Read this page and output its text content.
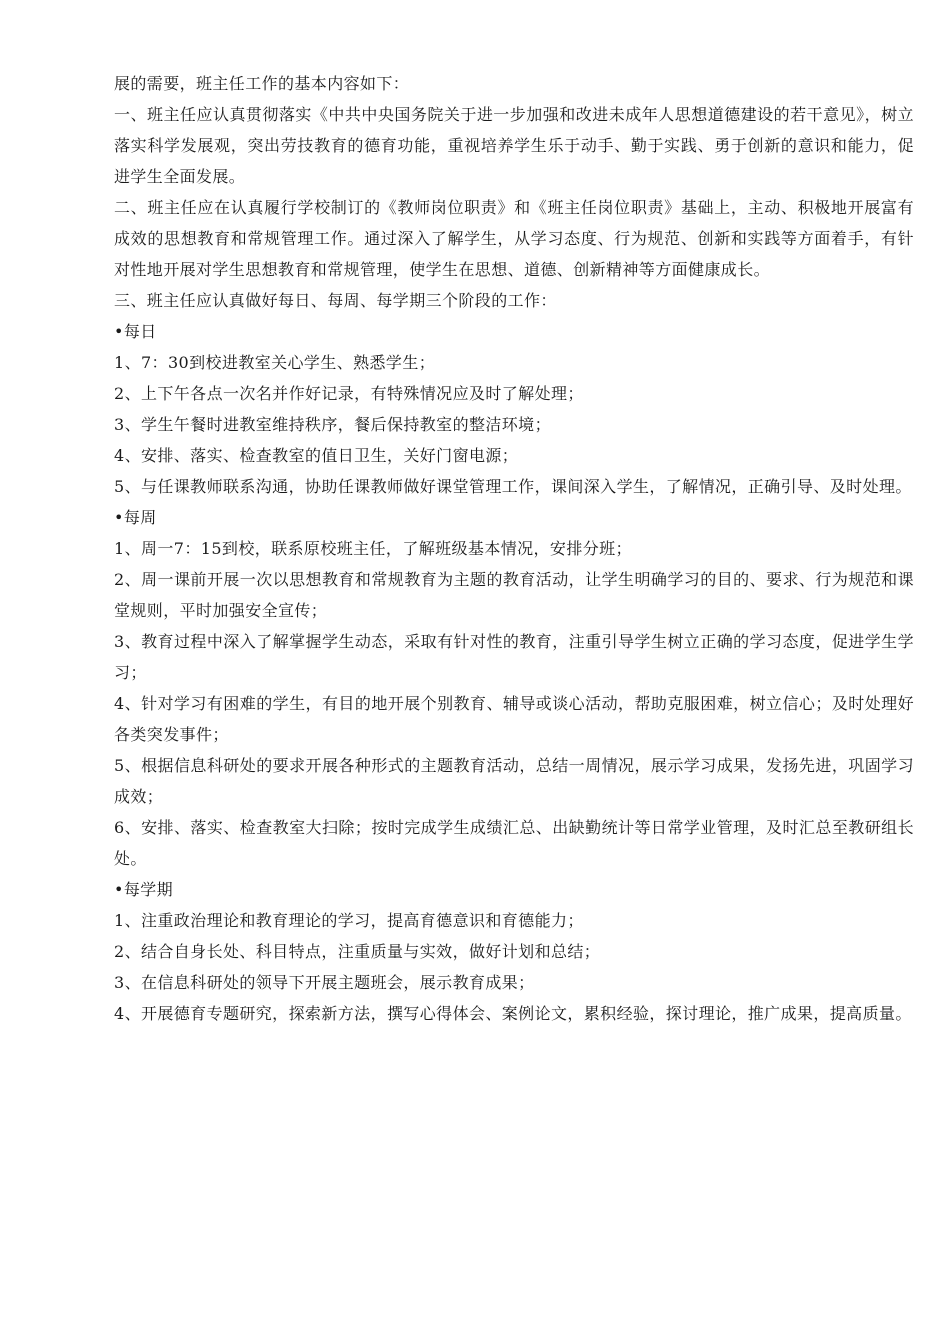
展的需要，班主任工作的基本内容如下：

一、班主任应认真贯彻落实《中共中央国务院关于进一步加强和改进未成年人思想道德建设的若干意见》，树立落实科学发展观，突出劳技教育的德育功能，重视培养学生乐于动手、勤于实践、勇于创新的意识和能力，促进学生全面发展。

二、班主任应在认真履行学校制订的《教师岗位职责》和《班主任岗位职责》基础上，主动、积极地开展富有成效的思想教育和常规管理工作。通过深入了解学生，从学习态度、行为规范、创新和实践等方面着手，有针对性地开展对学生思想教育和常规管理，使学生在思想、道德、创新精神等方面健康成长。

三、班主任应认真做好每日、每周、每学期三个阶段的工作：

•每日

1、7：30到校进教室关心学生、熟悉学生；

2、上下午各点一次名并作好记录，有特殊情况应及时了解处理；

3、学生午餐时进教室维持秩序，餐后保持教室的整洁环境；

4、安排、落实、检查教室的值日卫生，关好门窗电源；

5、与任课教师联系沟通，协助任课教师做好课堂管理工作，课间深入学生，了解情况，正确引导、及时处理。

•每周

1、周一7：15到校，联系原校班主任，了解班级基本情况，安排分班；

2、周一课前开展一次以思想教育和常规教育为主题的教育活动，让学生明确学习的目的、要求、行为规范和课堂规则，平时加强安全宣传；

3、教育过程中深入了解掌握学生动态，采取有针对性的教育，注重引导学生树立正确的学习态度，促进学生学习；

4、针对学习有困难的学生，有目的地开展个别教育、辅导或谈心活动，帮助克服困难，树立信心；及时处理好各类突发事件；

5、根据信息科研处的要求开展各种形式的主题教育活动，总结一周情况，展示学习成果，发扬先进，巩固学习成效；

6、安排、落实、检查教室大扫除；按时完成学生成绩汇总、出缺勤统计等日常学业管理，及时汇总至教研组长处。

•每学期

1、注重政治理论和教育理论的学习，提高育德意识和育德能力；

2、结合自身长处、科目特点，注重质量与实效，做好计划和总结；

3、在信息科研处的领导下开展主题班会，展示教育成果；

4、开展德育专题研究，探索新方法，撰写心得体会、案例论文，累积经验，探讨理论，推广成果，提高质量。
